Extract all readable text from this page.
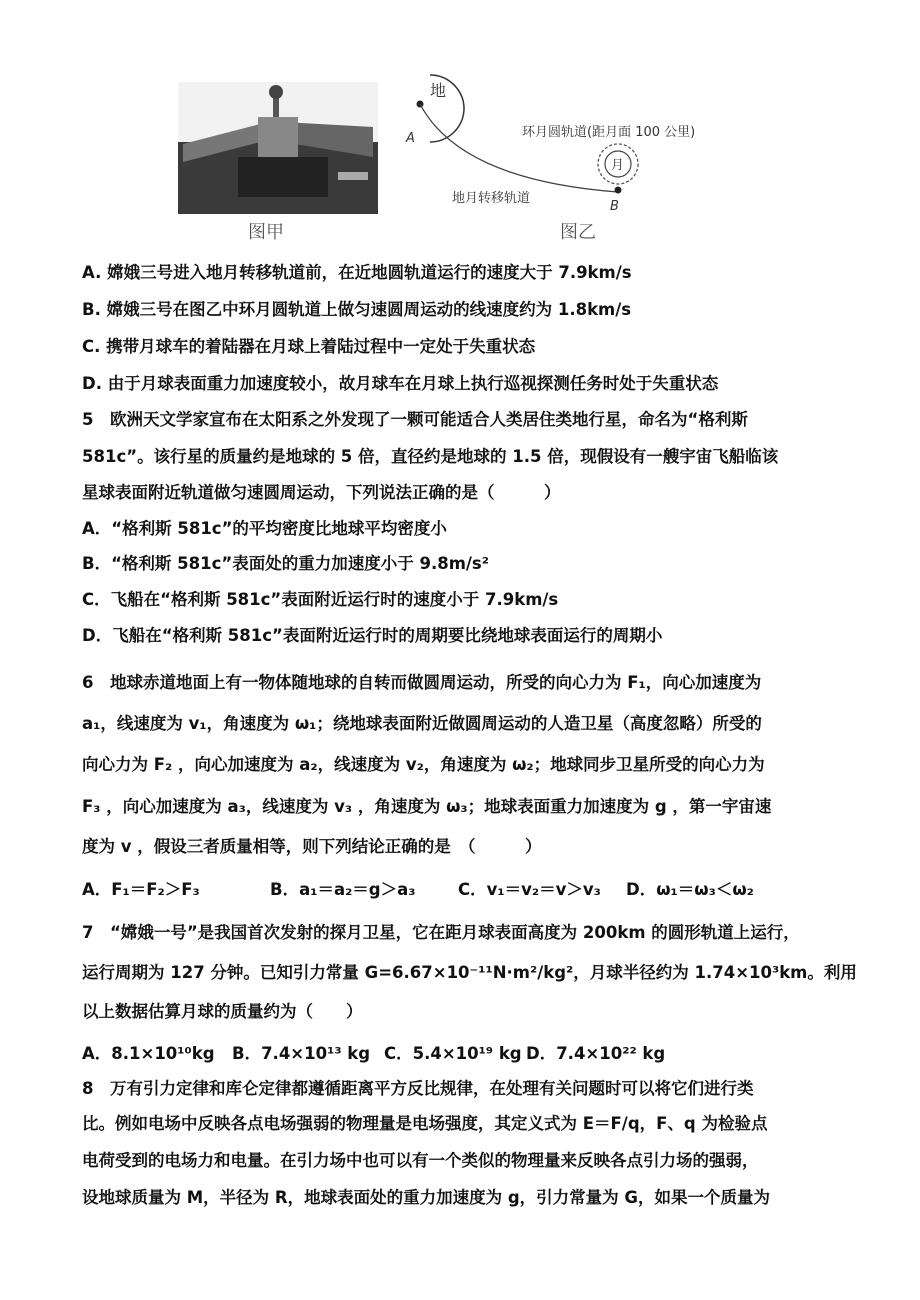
图甲
地
A
月
B
环月圆轨道(距月面 100 公里)
地月转移轨道
图乙
A. 嫦娥三号进入地月转移轨道前，在近地圆轨道运行的速度大于 7.9km/s
B. 嫦娥三号在图乙中环月圆轨道上做匀速圆周运动的线速度约为 1.8km/s
C. 携带月球车的着陆器在月球上着陆过程中一定处于失重状态
D. 由于月球表面重力加速度较小，故月球车在月球上执行巡视探测任务时处于失重状态
5　欧洲天文学家宣布在太阳系之外发现了一颗可能适合人类居住类地行星，命名为“格利斯
581c”。该行星的质量约是地球的 5 倍，直径约是地球的 1.5 倍，现假设有一艘宇宙飞船临该
星球表面附近轨道做匀速圆周运动，下列说法正确的是（　　　）
A．“格利斯 581c”的平均密度比地球平均密度小
B．“格利斯 581c”表面处的重力加速度小于 9.8m/s²
C．飞船在“格利斯 581c”表面附近运行时的速度小于 7.9km/s
D．飞船在“格利斯 581c”表面附近运行时的周期要比绕地球表面运行的周期小
6　地球赤道地面上有一物体随地球的自转而做圆周运动，所受的向心力为 F₁，向心加速度为
a₁，线速度为 v₁，角速度为 ω₁；绕地球表面附近做圆周运动的人造卫星（高度忽略）所受的
向心力为 F₂ ，向心加速度为 a₂，线速度为 v₂，角速度为 ω₂；地球同步卫星所受的向心力为
F₃ ，向心加速度为 a₃，线速度为 v₃ ，角速度为 ω₃；地球表面重力加速度为 g ，第一宇宙速
度为 v ，假设三者质量相等，则下列结论正确的是　（　　　）
A．F₁＝F₂＞F₃	B．a₁＝a₂＝g＞a₃	C．v₁＝v₂＝v＞v₃ D．ω₁＝ω₃＜ω₂
7　“嫦娥一号”是我国首次发射的探月卫星，它在距月球表面高度为 200km 的圆形轨道上运行，
运行周期为 127 分钟。已知引力常量 G=6.67×10⁻¹¹N·m²/kg²，月球半径约为 1.74×10³km。利用
以上数据估算月球的质量约为（　　）
A．8.1×10¹⁰kg B．7.4×10¹³ kg C．5.4×10¹⁹ kg D．7.4×10²² kg
8　万有引力定律和库仑定律都遵循距离平方反比规律，在处理有关问题时可以将它们进行类
比。例如电场中反映各点电场强弱的物理量是电场强度，其定义式为 E＝F/q，F、q 为检验点
电荷受到的电场力和电量。在引力场中也可以有一个类似的物理量来反映各点引力场的强弱，
设地球质量为 M，半径为 R，地球表面处的重力加速度为 g，引力常量为 G，如果一个质量为
